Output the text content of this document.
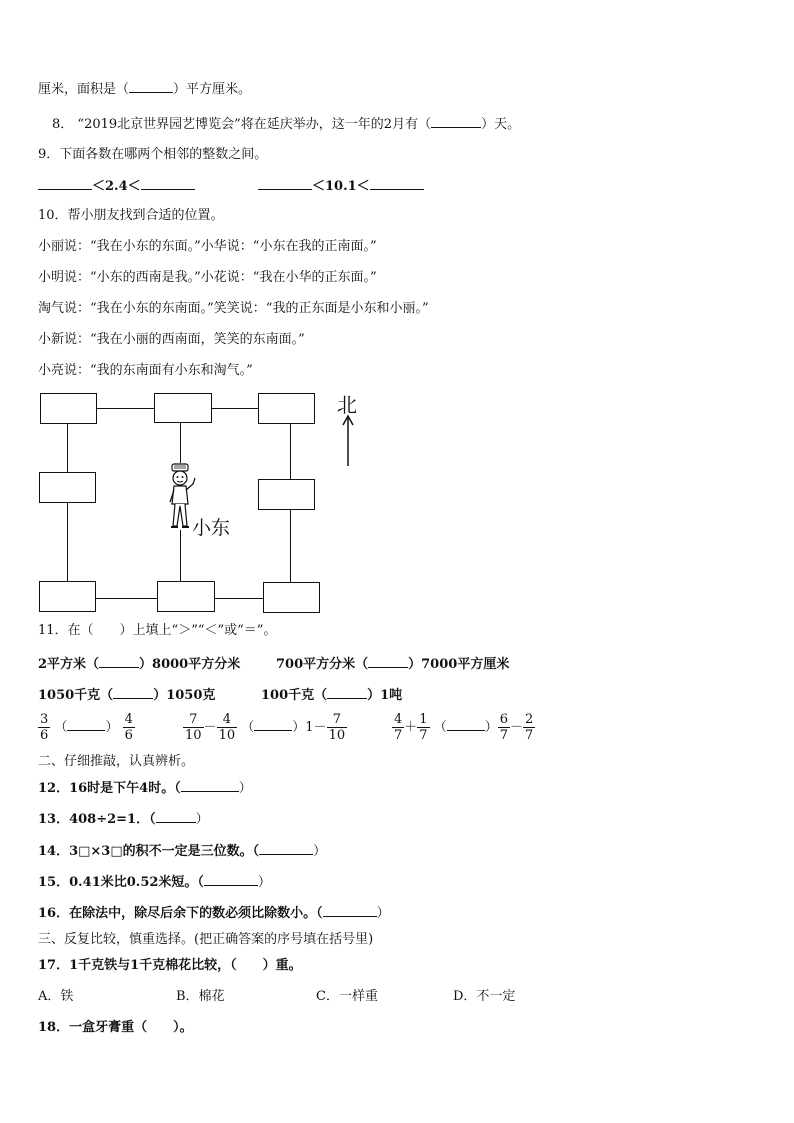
厘米，面积是（	）平方厘米。
8． “2019北京世界园艺博览会”将在延庆举办，这一年的2月有（	）天。
9．下面各数在哪两个相邻的整数之间。
＜2.4＜	＜10.1＜
10．帮小朋友找到合适的位置。
小丽说：“我在小东的东面。”小华说：“小东在我的正南面。”
小明说：“小东的西南是我。”小花说：“我在小华的正东面。”
淘气说：“我在小东的东南面。”笑笑说：“我的正东面是小东和小丽。”
小新说：“我在小丽的西南面，笑笑的东南面。”
小亮说：“我的东南面有小东和淘气。”
北
小东
11．在（　　）上填上“＞”“＜”或“＝”。
2平方米（	）8000平方分米	700平方分米（	）7000平方厘米
1050千克（	）1050克	100千克（	）1吨
$\frac{3}{6}$ （	） $\frac{4}{6}$	$\frac{7}{10} - \frac{4}{10}$ （	）$1- \frac{7}{10}$	$\frac{4}{7} + \frac{1}{7}$ （	） $\frac{6}{7} - \frac{2}{7}$
二、仔细推敲，认真辨析。
12．16时是下午4时。（	）
13．408÷2=1．（	）
14．3□×3□的积不一定是三位数。（	）
15．0.41米比0.52米短。（	）
16．在除法中，除尽后余下的数必须比除数小。（	）
三、反复比较，慎重选择。(把正确答案的序号填在括号里)
17．1千克铁与1千克棉花比较，（　　）重。
A．铁	B．棉花	C．一样重	D．不一定
18．一盒牙膏重（　　）。
